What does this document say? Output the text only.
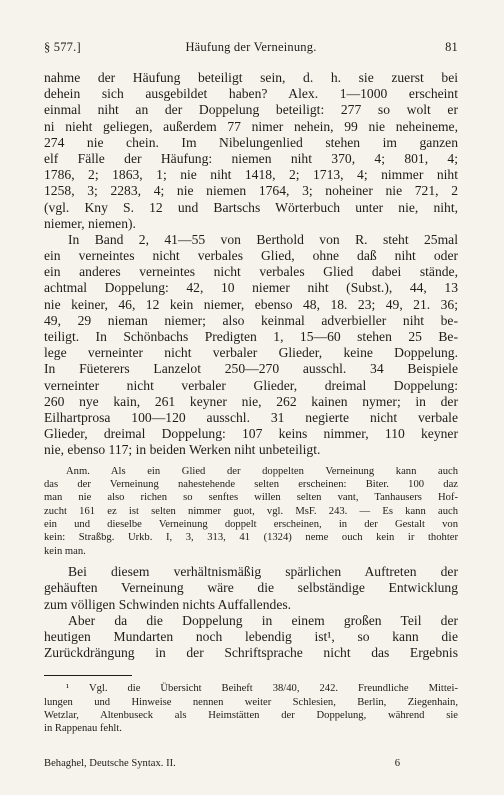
§ 577.]	Häufung der Verneinung.	81
nahme der Häufung beteiligt sein, d. h. sie zuerst bei
dehein sich ausgebildet haben? Alex. 1—1000 erscheint
einmal niht an der Doppelung beteiligt: 277 so wolt er
ni nieht geliegen, außerdem 77 nimer nehein, 99 nie neheineme,
274 nie chein. Im Nibelungenlied stehen im ganzen
elf Fälle der Häufung: niemen niht 370, 4; 801, 4;
1786, 2; 1863, 1; nie niht 1418, 2; 1713, 4; nimmer niht
1258, 3; 2283, 4; nie niemen 1764, 3; noheiner nie 721, 2
(vgl. Kny S. 12 und Bartschs Wörterbuch unter nie, niht,
niemer, niemen).
In Band 2, 41—55 von Berthold von R. steht 25mal
ein verneintes nicht verbales Glied, ohne daß niht oder
ein anderes verneintes nicht verbales Glied dabei stände,
achtmal Doppelung: 42, 10 niemer niht (Subst.), 44, 13
nie keiner, 46, 12 kein niemer, ebenso 48, 18. 23; 49, 21. 36;
49, 29 nieman niemer; also keinmal adverbieller niht be-
teiligt. In Schönbachs Predigten 1, 15—60 stehen 25 Be-
lege verneinter nicht verbaler Glieder, keine Doppelung.
In Füeterers Lanzelot 250—270 ausschl. 34 Beispiele
verneinter nicht verbaler Glieder, dreimal Doppelung:
260 nye kain, 261 keyner nie, 262 kainen nymer; in der
Eilhartprosa 100—120 ausschl. 31 negierte nicht verbale
Glieder, dreimal Doppelung: 107 keins nimmer, 110 keyner
nie, ebenso 117; in beiden Werken niht unbeteiligt.
Anm. Als ein Glied der doppelten Verneinung kann auch
das der Verneinung nahestehende selten erscheinen: Biter. 100 daz
man nie also richen so senftes willen selten vant, Tanhausers Hof-
zucht 161 ez ist selten nimmer guot, vgl. MsF. 243. — Es kann auch
ein und dieselbe Verneinung doppelt erscheinen, in der Gestalt von
kein: Straßbg. Urkb. I, 3, 313, 41 (1324) neme ouch kein ir thohter
kein man.
Bei diesem verhältnismäßig spärlichen Auftreten der
gehäuften Verneinung wäre die selbständige Entwicklung
zum völligen Schwinden nichts Auffallendes.
Aber da die Doppelung in einem großen Teil der
heutigen Mundarten noch lebendig ist¹, so kann die
Zurückdrängung in der Schriftsprache nicht das Ergebnis
¹ Vgl. die Übersicht Beiheft 38/40, 242. Freundliche Mittei-
lungen und Hinweise nennen weiter Schlesien, Berlin, Ziegenhain,
Wetzlar, Altenbuseck als Heimstätten der Doppelung, während sie
in Rappenau fehlt.
Behaghel, Deutsche Syntax. II.	6
